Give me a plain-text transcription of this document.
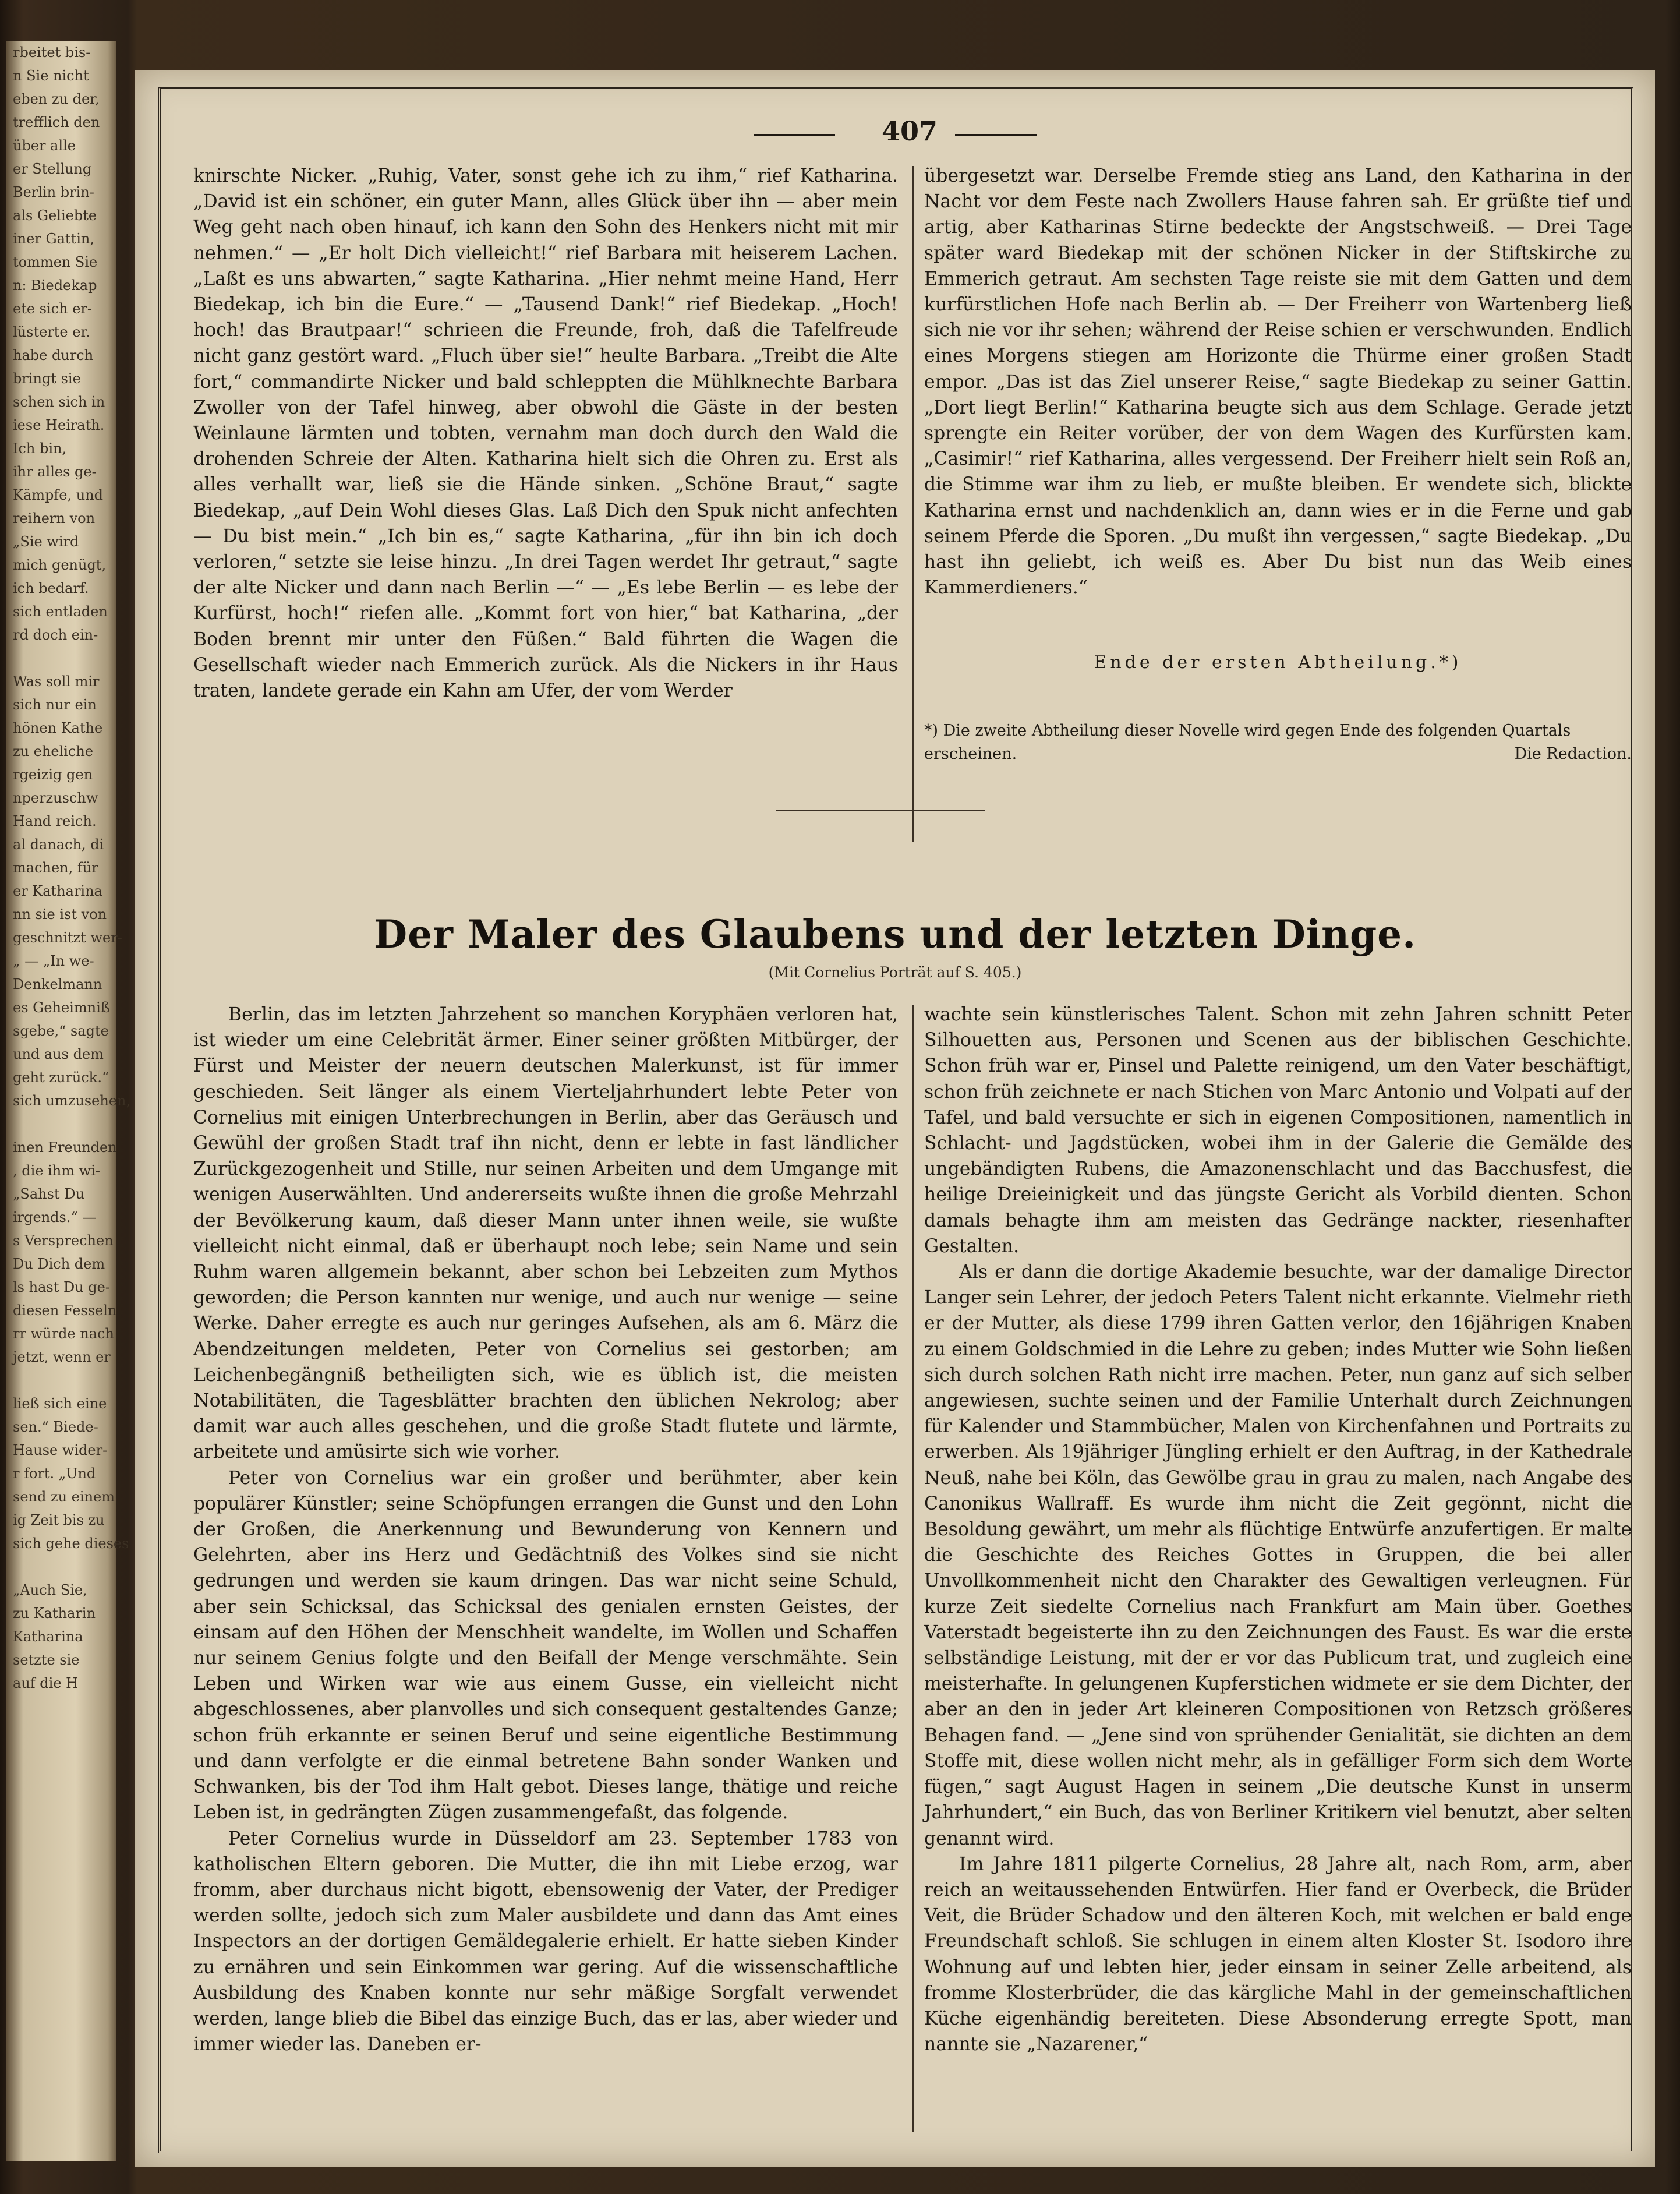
rbeitet bis-
n Sie nicht
eben zu der,
trefflich den
über alle
er Stellung
Berlin brin-
als Geliebte
iner Gattin,
tommen Sie
n: Biedekap
ete sich er-
lüsterte er.
habe durch
bringt sie
schen sich in
iese Heirath.
Ich bin,
ihr alles ge-
Kämpfe, und
reihern von
„Sie wird
mich genügt,
ich bedarf.
sich entladen
rd doch ein-

Was soll mir
sich nur ein
hönen Kathe
zu eheliche
rgeizig gen
nperzuschw
Hand reich.
al danach, di
machen, für
er Katharina
nn sie ist von
geschnitzt wer-
„ — „In we-
Denkelmann
es Geheimniß
sgebe,“ sagte
und aus dem
geht zurück.“
sich umzusehen,

inen Freunden
, die ihm wi-
„Sahst Du
irgends.“ —
s Versprechen
Du Dich dem
ls hast Du ge-
diesen Fesseln
rr würde nach
jetzt, wenn er

ließ sich eine
sen.“ Biede-
Hause wider-
r fort. „Und
send zu einem
ig Zeit bis zu
sich gehe dieses

„Auch Sie,
zu Katharin
Katharina
setzte sie
auf die H
407

knirschte Nicker. „Ruhig, Vater, sonst gehe ich zu ihm,“ rief Katharina. „David ist ein schöner, ein guter Mann, alles Glück über ihn — aber mein Weg geht nach oben hinauf, ich kann den Sohn des Henkers nicht mit mir nehmen.“ — „Er holt Dich vielleicht!“ rief Barbara mit heiserem Lachen. „Laßt es uns abwarten,“ sagte Katharina. „Hier nehmt meine Hand, Herr Biedekap, ich bin die Eure.“ — „Tausend Dank!“ rief Biedekap. „Hoch! hoch! das Brautpaar!“ schrieen die Freunde, froh, daß die Tafelfreude nicht ganz gestört ward. „Fluch über sie!“ heulte Barbara. „Treibt die Alte fort,“ commandirte Nicker und bald schleppten die Mühlknechte Barbara Zwoller von der Tafel hinweg, aber obwohl die Gäste in der besten Weinlaune lärmten und tobten, vernahm man doch durch den Wald die drohenden Schreie der Alten. Katharina hielt sich die Ohren zu. Erst als alles verhallt war, ließ sie die Hände sinken. „Schöne Braut,“ sagte Biedekap, „auf Dein Wohl dieses Glas. Laß Dich den Spuk nicht anfechten — Du bist mein.“ „Ich bin es,“ sagte Katharina, „für ihn bin ich doch verloren,“ setzte sie leise hinzu. „In drei Tagen werdet Ihr getraut,“ sagte der alte Nicker und dann nach Berlin —“ — „Es lebe Berlin — es lebe der Kurfürst, hoch!“ riefen alle. „Kommt fort von hier,“ bat Katharina, „der Boden brennt mir unter den Füßen.“ Bald führten die Wagen die Gesellschaft wieder nach Emmerich zurück. Als die Nickers in ihr Haus traten, landete gerade ein Kahn am Ufer, der vom Werder

übergesetzt war. Derselbe Fremde stieg ans Land, den Katharina in der Nacht vor dem Feste nach Zwollers Hause fahren sah. Er grüßte tief und artig, aber Katharinas Stirne bedeckte der Angstschweiß. — Drei Tage später ward Biedekap mit der schönen Nicker in der Stiftskirche zu Emmerich getraut. Am sechsten Tage reiste sie mit dem Gatten und dem kurfürstlichen Hofe nach Berlin ab. — Der Freiherr von Wartenberg ließ sich nie vor ihr sehen; während der Reise schien er verschwunden. Endlich eines Morgens stiegen am Horizonte die Thürme einer großen Stadt empor. „Das ist das Ziel unserer Reise,“ sagte Biedekap zu seiner Gattin. „Dort liegt Berlin!“ Katharina beugte sich aus dem Schlage. Gerade jetzt sprengte ein Reiter vorüber, der von dem Wagen des Kurfürsten kam. „Casimir!“ rief Katharina, alles vergessend. Der Freiherr hielt sein Roß an, die Stimme war ihm zu lieb, er mußte bleiben. Er wendete sich, blickte Katharina ernst und nachdenklich an, dann wies er in die Ferne und gab seinem Pferde die Sporen. „Du mußt ihn vergessen,“ sagte Biedekap. „Du hast ihn geliebt, ich weiß es. Aber Du bist nun das Weib eines Kammerdieners.“

Ende der ersten Abtheilung.*)
*) Die zweite Abtheilung dieser Novelle wird gegen Ende des folgenden Quartals erscheinen.	Die Redaction.
Der Maler des Glaubens und der letzten Dinge.
(Mit Cornelius Porträt auf S. 405.)

Berlin, das im letzten Jahrzehent so manchen Koryphäen verloren hat, ist wieder um eine Celebrität ärmer. Einer seiner größten Mitbürger, der Fürst und Meister der neuern deutschen Malerkunst, ist für immer geschieden. Seit länger als einem Vierteljahrhundert lebte Peter von Cornelius mit einigen Unterbrechungen in Berlin, aber das Geräusch und Gewühl der großen Stadt traf ihn nicht, denn er lebte in fast ländlicher Zurückgezogenheit und Stille, nur seinen Arbeiten und dem Umgange mit wenigen Auserwählten. Und andererseits wußte ihnen die große Mehrzahl der Bevölkerung kaum, daß dieser Mann unter ihnen weile, sie wußte vielleicht nicht einmal, daß er überhaupt noch lebe; sein Name und sein Ruhm waren allgemein bekannt, aber schon bei Lebzeiten zum Mythos geworden; die Person kannten nur wenige, und auch nur wenige — seine Werke. Daher erregte es auch nur geringes Aufsehen, als am 6. März die Abendzeitungen meldeten, Peter von Cornelius sei gestorben; am Leichenbegängniß betheiligten sich, wie es üblich ist, die meisten Notabilitäten, die Tagesblätter brachten den üblichen Nekrolog; aber damit war auch alles geschehen, und die große Stadt flutete und lärmte, arbeitete und amüsirte sich wie vorher.

Peter von Cornelius war ein großer und berühmter, aber kein populärer Künstler; seine Schöpfungen errangen die Gunst und den Lohn der Großen, die Anerkennung und Bewunderung von Kennern und Gelehrten, aber ins Herz und Gedächtniß des Volkes sind sie nicht gedrungen und werden sie kaum dringen. Das war nicht seine Schuld, aber sein Schicksal, das Schicksal des genialen ernsten Geistes, der einsam auf den Höhen der Menschheit wandelte, im Wollen und Schaffen nur seinem Genius folgte und den Beifall der Menge verschmähte. Sein Leben und Wirken war wie aus einem Gusse, ein vielleicht nicht abgeschlossenes, aber planvolles und sich consequent gestaltendes Ganze; schon früh erkannte er seinen Beruf und seine eigentliche Bestimmung und dann verfolgte er die einmal betretene Bahn sonder Wanken und Schwanken, bis der Tod ihm Halt gebot. Dieses lange, thätige und reiche Leben ist, in gedrängten Zügen zusammengefaßt, das folgende.

Peter Cornelius wurde in Düsseldorf am 23. September 1783 von katholischen Eltern geboren. Die Mutter, die ihn mit Liebe erzog, war fromm, aber durchaus nicht bigott, ebensowenig der Vater, der Prediger werden sollte, jedoch sich zum Maler ausbildete und dann das Amt eines Inspectors an der dortigen Gemäldegalerie erhielt. Er hatte sieben Kinder zu ernähren und sein Einkommen war gering. Auf die wissenschaftliche Ausbildung des Knaben konnte nur sehr mäßige Sorgfalt verwendet werden, lange blieb die Bibel das einzige Buch, das er las, aber wieder und immer wieder las. Daneben er-

wachte sein künstlerisches Talent. Schon mit zehn Jahren schnitt Peter Silhouetten aus, Personen und Scenen aus der biblischen Geschichte. Schon früh war er, Pinsel und Palette reinigend, um den Vater beschäftigt, schon früh zeichnete er nach Stichen von Marc Antonio und Volpati auf der Tafel, und bald versuchte er sich in eigenen Compositionen, namentlich in Schlacht- und Jagdstücken, wobei ihm in der Galerie die Gemälde des ungebändigten Rubens, die Amazonenschlacht und das Bacchusfest, die heilige Dreieinigkeit und das jüngste Gericht als Vorbild dienten. Schon damals behagte ihm am meisten das Gedränge nackter, riesenhafter Gestalten.

Als er dann die dortige Akademie besuchte, war der damalige Director Langer sein Lehrer, der jedoch Peters Talent nicht erkannte. Vielmehr rieth er der Mutter, als diese 1799 ihren Gatten verlor, den 16jährigen Knaben zu einem Goldschmied in die Lehre zu geben; indes Mutter wie Sohn ließen sich durch solchen Rath nicht irre machen. Peter, nun ganz auf sich selber angewiesen, suchte seinen und der Familie Unterhalt durch Zeichnungen für Kalender und Stammbücher, Malen von Kirchenfahnen und Portraits zu erwerben. Als 19jähriger Jüngling erhielt er den Auftrag, in der Kathedrale Neuß, nahe bei Köln, das Gewölbe grau in grau zu malen, nach Angabe des Canonikus Wallraff. Es wurde ihm nicht die Zeit gegönnt, nicht die Besoldung gewährt, um mehr als flüchtige Entwürfe anzufertigen. Er malte die Geschichte des Reiches Gottes in Gruppen, die bei aller Unvollkommenheit nicht den Charakter des Gewaltigen verleugnen. Für kurze Zeit siedelte Cornelius nach Frankfurt am Main über. Goethes Vaterstadt begeisterte ihn zu den Zeichnungen des Faust. Es war die erste selbständige Leistung, mit der er vor das Publicum trat, und zugleich eine meisterhafte. In gelungenen Kupferstichen widmete er sie dem Dichter, der aber an den in jeder Art kleineren Compositionen von Retzsch größeres Behagen fand. — „Jene sind von sprühender Genialität, sie dichten an dem Stoffe mit, diese wollen nicht mehr, als in gefälliger Form sich dem Worte fügen,“ sagt August Hagen in seinem „Die deutsche Kunst in unserm Jahrhundert,“ ein Buch, das von Berliner Kritikern viel benutzt, aber selten genannt wird.

Im Jahre 1811 pilgerte Cornelius, 28 Jahre alt, nach Rom, arm, aber reich an weitaussehenden Entwürfen. Hier fand er Overbeck, die Brüder Veit, die Brüder Schadow und den älteren Koch, mit welchen er bald enge Freundschaft schloß. Sie schlugen in einem alten Kloster St. Isodoro ihre Wohnung auf und lebten hier, jeder einsam in seiner Zelle arbeitend, als fromme Klosterbrüder, die das kärgliche Mahl in der gemeinschaftlichen Küche eigenhändig bereiteten. Diese Absonderung erregte Spott, man nannte sie „Nazarener,“
